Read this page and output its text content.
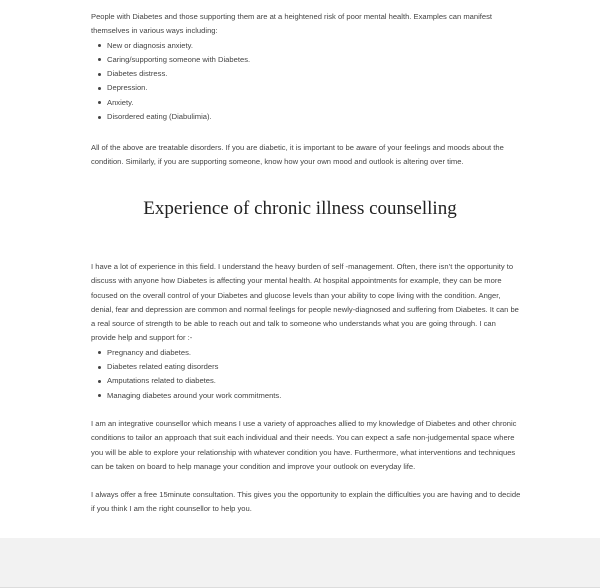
People with Diabetes and those supporting them are at a heightened risk of poor mental health. Examples can manifest themselves in various ways including:

New or diagnosis anxiety.
Caring/supporting someone with Diabetes.
Diabetes distress.
Depression.
Anxiety.
Disordered eating (Diabulimia).

All of the above are treatable disorders. If you are diabetic, it is important to be aware of your feelings and moods about the condition. Similarly, if you are supporting someone, know how your own mood and outlook is altering over time.

Experience of chronic illness counselling

I have a lot of experience in this field. I understand the heavy burden of self -management. Often, there isn’t the opportunity to discuss with anyone how Diabetes is affecting your mental health. At hospital appointments for example, they can be more focused on the overall control of your Diabetes and glucose levels than your ability to cope living with the condition. Anger, denial, fear and depression are common and normal feelings for people newly-diagnosed and suffering from Diabetes. It can be a real source of strength to be able to reach out and talk to someone who understands what you are going through. I can provide help and support for :-

Pregnancy and diabetes.
Diabetes related eating disorders
Amputations related to diabetes.
Managing diabetes around your work commitments.

I am an integrative counsellor which means I use a variety of approaches allied to my knowledge of Diabetes and other chronic conditions to tailor an approach that suit each individual and their needs. You can expect a safe non-judgemental space where you will be able to explore your relationship with whatever condition you have. Furthermore, what interventions and techniques can be taken on board to help manage your condition and improve your outlook on everyday life.

I always offer a free 15minute consultation. This gives you the opportunity to explain the difficulties you are having and to decide if you think I am the right counsellor to help you.
